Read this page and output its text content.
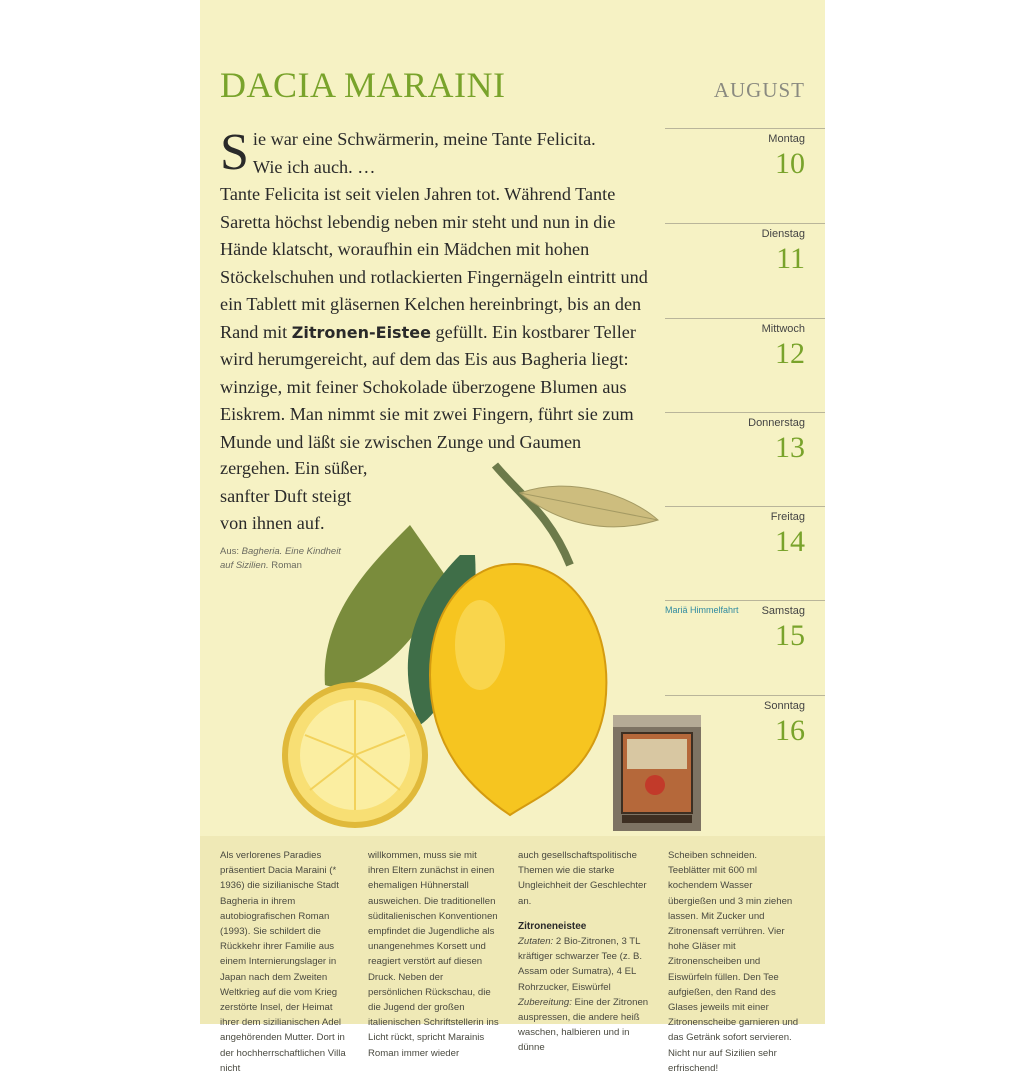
DACIA MARAINI	AUGUST
Sie war eine Schwärmerin, meine Tante Felicita.
Wie ich auch. …
Tante Felicita ist seit vielen Jahren tot. Während Tante Saretta höchst lebendig neben mir steht und nun in die Hände klatscht, woraufhin ein Mädchen mit hohen Stöckelschuhen und rotlackierten Fingernägeln eintritt und ein Tablett mit gläsernen Kelchen hereinbringt, bis an den Rand mit Zitronen-Eistee gefüllt. Ein kostbarer Teller wird herumgereicht, auf dem das Eis aus Bagheria liegt: winzige, mit feiner Schokolade überzogene Blumen aus Eiskrem. Man nimmt sie mit zwei Fingern, führt sie zum Munde und läßt sie zwischen Zunge und Gaumen
zergehen. Ein süßer,
sanfter Duft steigt
von ihnen auf.
Aus: Bagheria. Eine Kindheit
auf Sizilien. Roman
Montag
10
Dienstag
11
Mittwoch
12
Donnerstag
13
Freitag
14
Mariä Himmelfahrt Samstag
15
Sonntag
16
Als verlorenes Paradies präsentiert Dacia Maraini (* 1936) die sizilianische Stadt Bagheria in ihrem autobiografischen Roman (1993). Sie schildert die Rückkehr ihrer Familie aus einem Internierungslager in Japan nach dem Zweiten Weltkrieg auf die vom Krieg zerstörte Insel, der Heimat ihrer dem sizilianischen Adel angehörenden Mutter. Dort in der hochherrschaftlichen Villa nicht
willkommen, muss sie mit ihren Eltern zunächst in einen ehemaligen Hühnerstall ausweichen. Die traditionellen süditalienischen Konventionen empfindet die Jugendliche als unangenehmes Korsett und reagiert verstört auf diesen Druck. Neben der persönlichen Rückschau, die die Jugend der großen italienischen Schriftstellerin ins Licht rückt, spricht Marainis Roman immer wieder
auch gesellschaftspolitische Themen wie die starke Ungleichheit der Geschlechter an.
Zitroneneistee
Zutaten: 2 Bio-Zitronen, 3 TL kräftiger schwarzer Tee (z. B. Assam oder Sumatra), 4 EL Rohrzucker, Eiswürfel
Zubereitung: Eine der Zitronen auspressen, die andere heiß waschen, halbieren und in dünne
Scheiben schneiden. Teeblätter mit 600 ml kochendem Wasser übergießen und 3 min ziehen lassen. Mit Zucker und Zitronensaft verrühren. Vier hohe Gläser mit Zitronenscheiben und Eiswürfeln füllen. Den Tee aufgießen, den Rand des Glases jeweils mit einer Zitronenscheibe garnieren und das Getränk sofort servieren. Nicht nur auf Sizilien sehr erfrischend!
